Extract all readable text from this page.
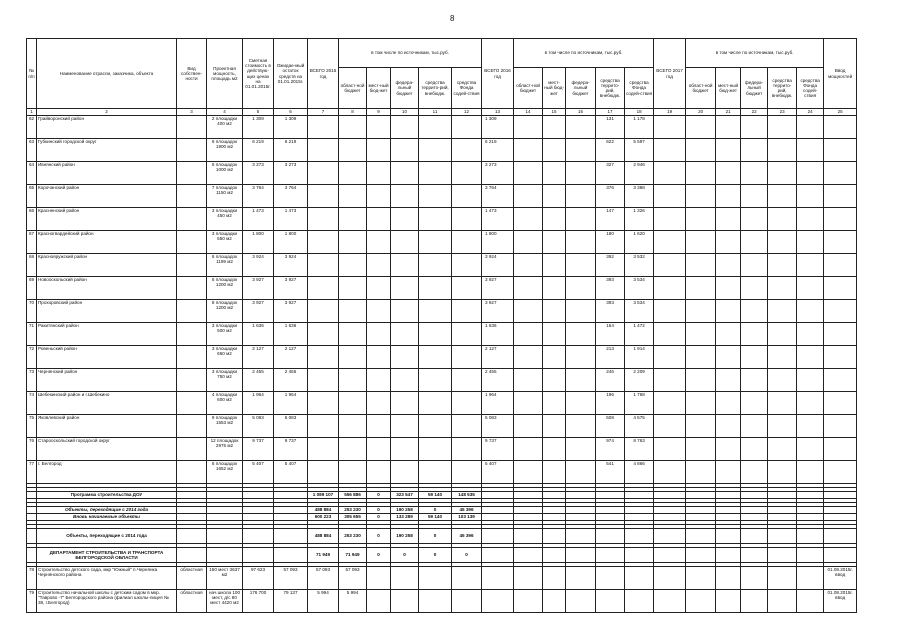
8
№ п/п	Наименование отрасли, заказчика, объекта	Вид собствен-ности	Проектная мощность, площадь м2	Сметная стоимость в действую-щих ценах на 01.01.2015г.	Ожидае-мый остаток средств на 01.01.2015г.	ВСЕГО 2015 год	в том числе по источникам, тыс.руб.					ВСЕГО 2016 год	в том числе по источникам, тыс.руб.					ВСЕГО 2017 год	в том числе по источникам, тыс.руб.					Ввод мощностей
							област-ной бюджет	мест-ный бюд-жет	федера-льный бюджет	средства террито-рий, внебюдж.	средства Фонда содей-ствия		област-ной бюджет	мест-ный бюд-жет	федера-льный бюджет	средства террито-рий, внебюдж.	средства Фонда содей-ствия		област-ной бюджет	мест-ный бюд-жет	федера-льный бюджет	средства террито-рий, внебюдж.	средства Фонда содей-ствия	
1	2	3	4	5	6	7	8	9	10	11	12	13	14	15	16	17	18	19	20	21	22	23	24	25
62	Грайворонский район		2 площадки 400 м2	1 309	1 309							1 309				131	1 178							
63	Губкинский городской округ		6 площадок 1900 м2	6 219	6 219							6 219				622	5 597							
64	Ивнянский район		6 площадок 1000 м2	3 273	3 273							3 273				327	2 946							
65	Корочанский район		7 площадок 1150 м2	3 764	3 764							3 764				376	3 388							
66	Красненский район		3 площадки 450 м2	1 473	1 473							1 473				147	1 326							
67	Красногвардейский район		3 площадки 550 м2	1 800	1 800							1 800				180	1 620							
68	Краснояружский район		6 площадок 1199 м2	3 924	3 924							3 924				392	3 532							
69	Новооскольский район		6 площадок 1200 м2	3 927	3 927							3 927				393	3 534							
70	Прохоровский район		8 площадок 1200 м2	3 927	3 927							3 927				393	3 534							
71	Ракитянский район		3 площадки 500 м2	1 636	1 636							1 636				164	1 472							
72	Ровеньский район		3 площадки 650 м2	2 127	2 127							2 127				213	1 914							
73	Чернянский район		3 площадки 750 м2	2 455	2 455							2 455				246	2 209							
74	Шебекинский район и г.Шебекино		4 площадки 600 м2	1 964	1 964							1 964				196	1 768							
75	Яковлевский район		9 площадок 1553 м2	5 083	5 083							5 083				508	4 575							
76	Старооскольский городской округ		12 площадок 2975 м2	9 737	9 737							9 737				974	8 763							
77	г. Белгород		6 площадок 1652 м2	5 407	5 407							5 407				541	4 866							

	Программа строительства ДОУ					1 089 107	556 886	0	323 547	59 140	148 535													

	Объекты, переходящие с 2014 года					488 884	253 230	0	190 258	0	45 396													
	Вновь начинаемые объекты					600 223	305 655	0	133 289	59 140	103 139													

	Объекты, переходящие с 2014 года					488 884	253 230	0	190 258	0	45 396													

	ДЕПАРТАМЕНТ СТРОИТЕЛЬСТВА И ТРАНСПОРТА БЕЛГОРОДСКОЙ ОБЛАСТИ					71 949	71 949	0	0	0	0													

78	Строительство детского сада, мкр "Южный" п.Чернянка Чернянского района	областная	150 мест 3637 м2	97 623	57 093	57 093	57 093																	01.08.2015г. ввод
79	Строительство начальной школы с детским садом в мкр. "Таврово -7" Белгородского района (филиал школы-лицея № 38, г.Белгород)	областная	нач.школа 100 мест, д/с 80 мест 4420 м2	176 700	79 137	5 994	5 994																	01.08.2015г. ввод
